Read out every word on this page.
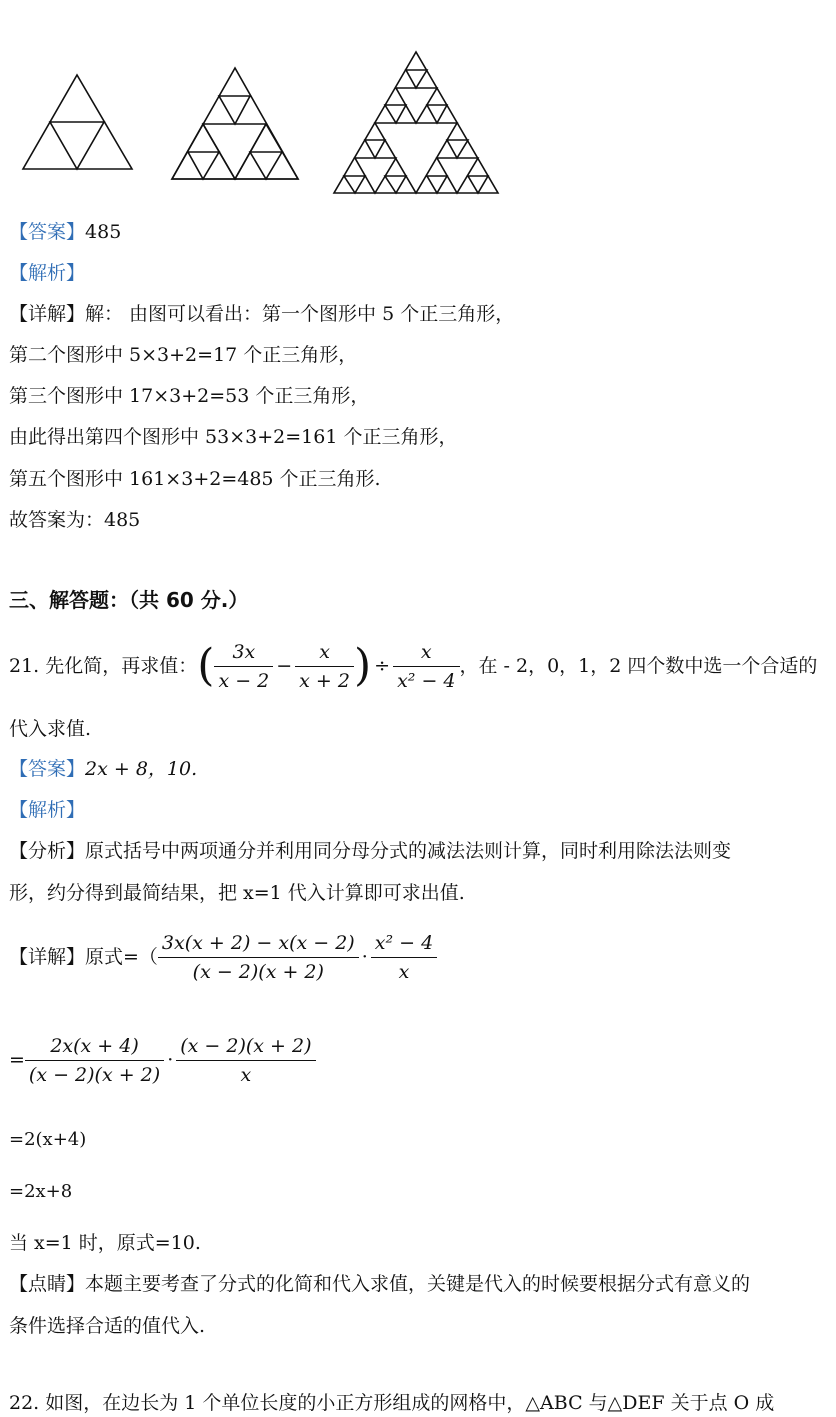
【答案】485
【解析】
【详解】解： 由图可以看出：第一个图形中 5 个正三角形，
第二个图形中 5×3+2=17 个正三角形，
第三个图形中 17×3+2=53 个正三角形，
由此得出第四个图形中 53×3+2=161 个正三角形，
第五个图形中 161×3+2=485 个正三角形.
故答案为：485
三、解答题：（共 60 分.）
21. 先化简，再求值： ( $\frac{3x}{x - 2} - \frac{x}{x + 2}$ ) ÷ $\frac{x}{\text{x² − 4}}$ ，在 - 2，0，1，2 四个数中选一个合适的
代入求值.
【答案】2x + 8，10.
【解析】
【分析】原式括号中两项通分并利用同分母分式的减法法则计算，同时利用除法法则变
形，约分得到最简结果，把 x=1 代入计算即可求出值.
【详解】原式=（ $\frac{3x(x + 2) - x(x - 2)}{(x - 2)(x + 2)} \cdot \frac{\text{x² − 4}}{x}$
= $\frac{2x(x + 4)}{(x - 2)(x + 2)} \cdot \frac{(x - 2)(x + 2)}{x}$
=2(x+4)
=2x+8
当 x=1 时，原式=10.
【点睛】本题主要考查了分式的化简和代入求值，关键是代入的时候要根据分式有意义的
条件选择合适的值代入.
22. 如图，在边长为 1 个单位长度的小正方形组成的网格中，△ABC 与△DEF 关于点 O 成
